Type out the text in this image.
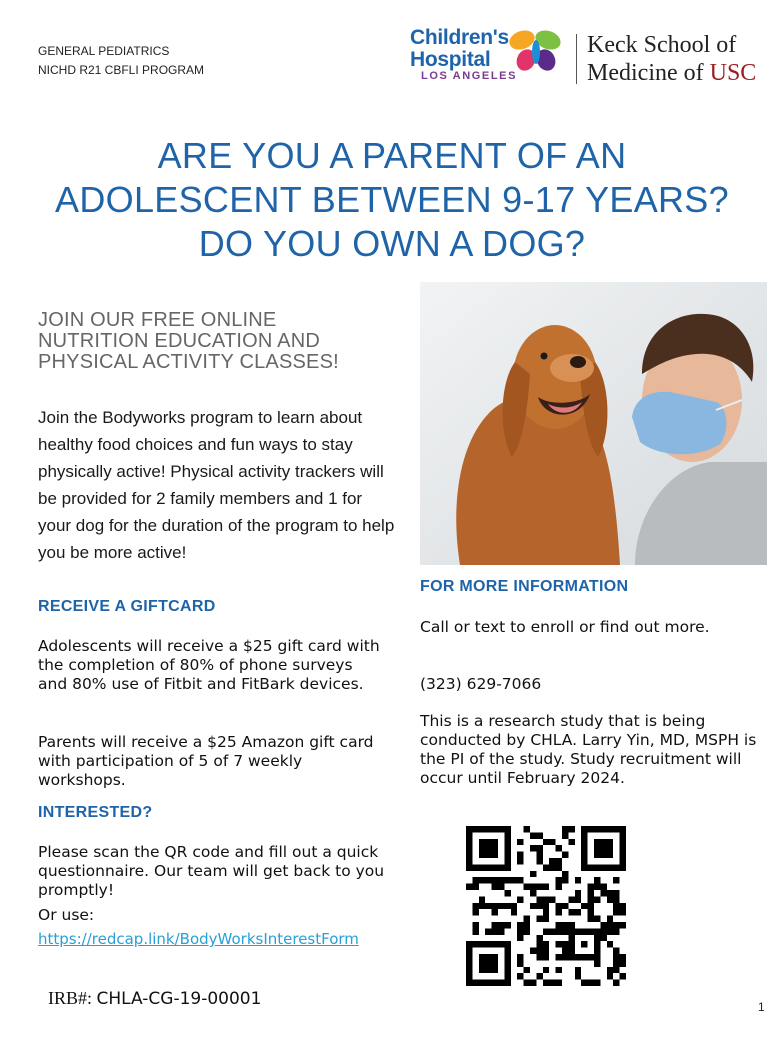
GENERAL PEDIATRICS
NICHD R21 CBFLI PROGRAM
Children's
Hospital
LOS ANGELES
Keck School of
Medicine of USC
ARE YOU A PARENT OF AN
ADOLESCENT BETWEEN 9-17 YEARS?
DO YOU OWN A DOG?
JOIN OUR FREE ONLINE NUTRITION EDUCATION AND PHYSICAL ACTIVITY CLASSES!
Join the Bodyworks program to learn about healthy food choices and fun ways to stay physically active! Physical activity trackers will be provided for 2 family members and 1 for your dog for the duration of the program to help you be more active!
RECEIVE A GIFTCARD
Adolescents will receive a $25 gift card with the completion of 80% of phone surveys and 80% use of Fitbit and FitBark devices.
Parents will receive a $25 Amazon gift card with participation of 5 of 7 weekly workshops.
INTERESTED?
Please scan the QR code and fill out a quick questionnaire. Our team will get back to you promptly!
Or use:
https://redcap.link/BodyWorksInterestForm
FOR MORE INFORMATION
Call or text to enroll or find out more.
(323) 629-7066
This is a research study that is being conducted by CHLA. Larry Yin, MD, MSPH is the PI of the study. Study recruitment will occur until February 2024.
IRB#: CHLA-CG-19-00001	1
